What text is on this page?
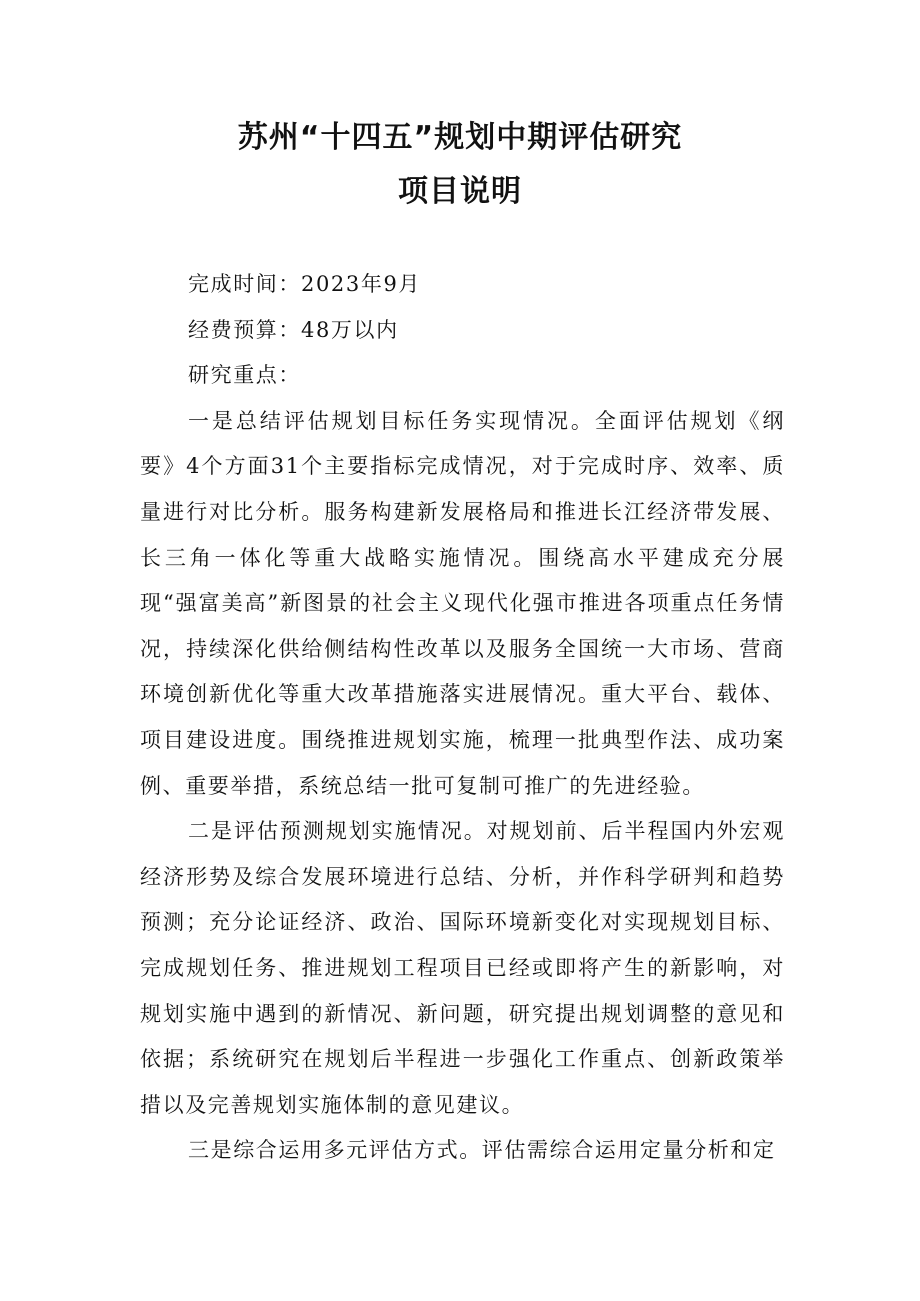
苏州“十四五”规划中期评估研究
项目说明

完成时间：2023年9月

经费预算：48万以内

研究重点：

一是总结评估规划目标任务实现情况。全面评估规划《纲要》4个方面31个主要指标完成情况，对于完成时序、效率、质量进行对比分析。服务构建新发展格局和推进长江经济带发展、长三角一体化等重大战略实施情况。围绕高水平建成充分展现“强富美高”新图景的社会主义现代化强市推进各项重点任务情况，持续深化供给侧结构性改革以及服务全国统一大市场、营商环境创新优化等重大改革措施落实进展情况。重大平台、载体、项目建设进度。围绕推进规划实施，梳理一批典型作法、成功案例、重要举措，系统总结一批可复制可推广的先进经验。

二是评估预测规划实施情况。对规划前、后半程国内外宏观经济形势及综合发展环境进行总结、分析，并作科学研判和趋势预测；充分论证经济、政治、国际环境新变化对实现规划目标、完成规划任务、推进规划工程项目已经或即将产生的新影响，对规划实施中遇到的新情况、新问题，研究提出规划调整的意见和依据；系统研究在规划后半程进一步强化工作重点、创新政策举措以及完善规划实施体制的意见建议。

三是综合运用多元评估方式。评估需综合运用定量分析和定
